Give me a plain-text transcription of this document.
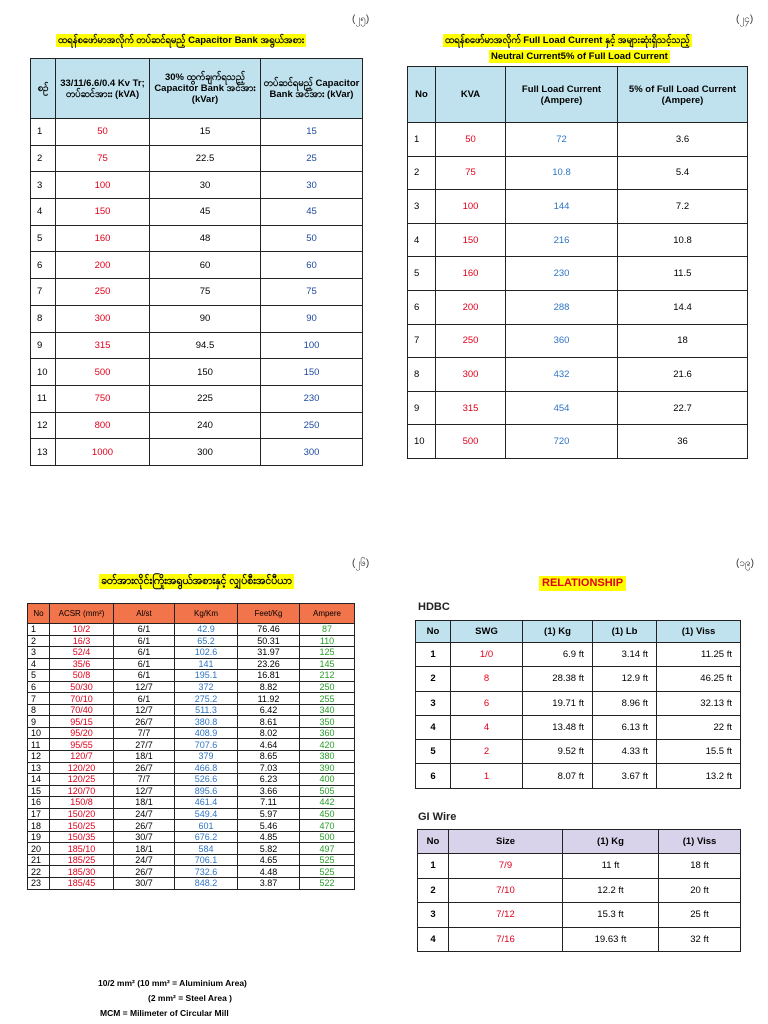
(၂၅)	(၂၄)
(၂၆)	(၁၉)
ထရန်စဖော်မာအလိုက် တပ်ဆင်ရမည့် Capacitor Bank အရွယ်အစား
စဉ်	33/11/6.6/0.4 Kv Tr; တပ်ဆင်အားး (kVA)	30% ထွက်ချက်ရသည့် Capacitor Bank အင်အား (kVar)	တပ်ဆင်ရမည့် Capacitor Bank အင်အား (kVar)
1	50	15	15
2	75	22.5	25
3	100	30	30
4	150	45	45
5	160	48	50
6	200	60	60
7	250	75	75
8	300	90	90
9	315	94.5	100
10	500	150	150
11	750	225	230
12	800	240	250
13	1000	300	300
ထရန်စဖော်မာအလိုက် Full Load Current နှင့် အများဆုံးရှိသင့်သည့်
Neutral Current5% of Full Load Current
No	KVA	Full Load Current (Ampere)	5% of Full Load Current (Ampere)
1	50	72	3.6
2	75	10.8	5.4
3	100	144	7.2
4	150	216	10.8
5	160	230	11.5
6	200	288	14.4
7	250	360	18
8	300	432	21.6
9	315	454	22.7
10	500	720	36
ခတ်အားလိုင်းကြိုးအရွယ်အစားနှင့် လျှပ်စီးအင်ပီယာ
No	ACSR (mm²)	Al/st	Kg/Km	Feet/Kg	Ampere
1	10/2	6/1	42.9	76.46	87
2	16/3	6/1	65.2	50.31	110
3	52/4	6/1	102.6	31.97	125
4	35/6	6/1	141	23.26	145
5	50/8	6/1	195.1	16.81	212
6	50/30	12/7	372	8.82	250
7	70/10	6/1	275.2	11.92	255
8	70/40	12/7	511.3	6.42	340
9	95/15	26/7	380.8	8.61	350
10	95/20	7/7	408.9	8.02	360
11	95/55	27/7	707.6	4.64	420
12	120/7	18/1	379	8.65	380
13	120/20	26/7	466.8	7.03	390
14	120/25	7/7	526.6	6.23	400
15	120/70	12/7	895.6	3.66	505
16	150/8	18/1	461.4	7.11	442
17	150/20	24/7	549.4	5.97	450
18	150/25	26/7	601	5.46	470
19	150/35	30/7	676.2	4.85	500
20	185/10	18/1	584	5.82	497
21	185/25	24/7	706.1	4.65	525
22	185/30	26/7	732.6	4.48	525
23	185/45	30/7	848.2	3.87	522
10/2 mm² (10 mm² = Aluminium Area)
(2 mm² = Steel Area )
MCM = Milimeter of Circular Mill
RELATIONSHIP
HDBC
No	SWG	(1) Kg	(1) Lb	(1) Viss
1	1/0	6.9 ft	3.14 ft	11.25 ft
2	8	28.38 ft	12.9 ft	46.25 ft
3	6	19.71 ft	8.96 ft	32.13 ft
4	4	13.48 ft	6.13 ft	22 ft
5	2	9.52 ft	4.33 ft	15.5 ft
6	1	8.07 ft	3.67 ft	13.2 ft
GI Wire
No	Size	(1) Kg	(1) Viss
1	7/9	11 ft	18 ft
2	7/10	12.2 ft	20 ft
3	7/12	15.3 ft	25 ft
4	7/16	19.63 ft	32 ft
